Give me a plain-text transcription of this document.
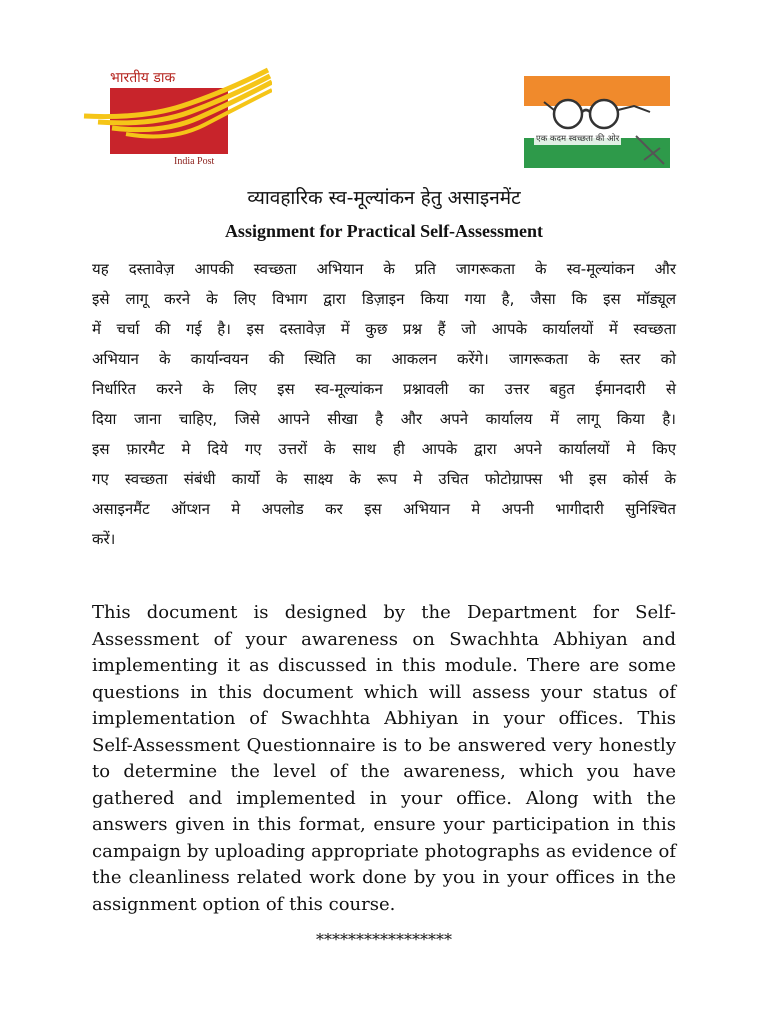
भारतीय डाक
India Post
एक कदम स्वच्छता की ओर
व्यावहारिक स्व-मूल्यांकन हेतु असाइनमेंट
Assignment for Practical Self-Assessment
यह दस्तावेज़ आपकी स्वच्छता अभियान के प्रति जागरूकता के स्व-मूल्यांकन और
इसे लागू करने के लिए विभाग द्वारा डिज़ाइन किया गया है, जैसा कि इस मॉड्यूल
में चर्चा की गई है। इस दस्तावेज़ में कुछ प्रश्न हैं जो आपके कार्यालयों में स्वच्छता
अभियान के कार्यान्वयन की स्थिति का आकलन करेंगे। जागरूकता के स्तर को
निर्धारित करने के लिए इस स्व-मूल्यांकन प्रश्नावली का उत्तर बहुत ईमानदारी से
दिया जाना चाहिए, जिसे आपने सीखा है और अपने कार्यालय में लागू किया है।
इस फ़ारमैट मे दिये गए उत्तरों के साथ ही आपके द्वारा अपने कार्यालयों मे किए
गए स्वच्छता संबंधी कार्यो के साक्ष्य के रूप मे उचित फोटोग्राफ्स भी इस कोर्स के
असाइनमैंट ऑप्शन मे अपलोड कर इस अभियान मे अपनी भागीदारी सुनिश्चित
करें।
This document is designed by the Department for Self-
Assessment of your awareness on Swachhta Abhiyan and
implementing it as discussed in this module. There are some
questions in this document which will assess your status of
implementation of Swachhta Abhiyan in your offices. This
Self-Assessment Questionnaire is to be answered very honestly
to determine the level of the awareness, which you have
gathered and implemented in your office. Along with the
answers given in this format, ensure your participation in this
campaign by uploading appropriate photographs as evidence of
the cleanliness related work done by you in your offices in the
assignment option of this course.
*****************
